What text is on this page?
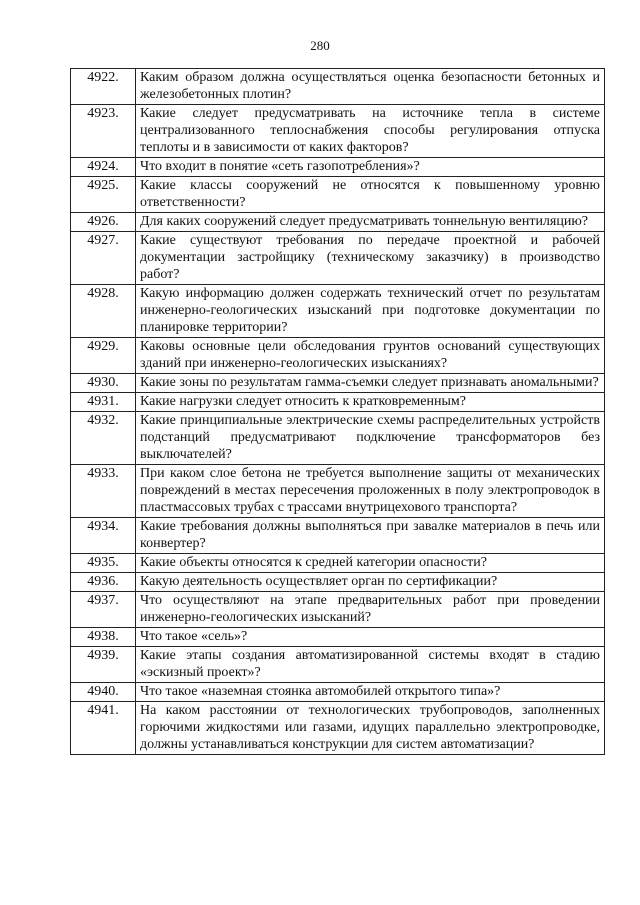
280
4922.	Каким образом должна осуществляться оценка безопасности бетонных и железобетонных плотин?
4923.	Какие следует предусматривать на источнике тепла в системе централизованного теплоснабжения способы регулирования отпуска теплоты и в зависимости от каких факторов?
4924.	Что входит в понятие «сеть газопотребления»?
4925.	Какие классы сооружений не относятся к повышенному уровню ответственности?
4926.	Для каких сооружений следует предусматривать тоннельную вентиляцию?
4927.	Какие существуют требования по передаче проектной и рабочей документации застройщику (техническому заказчику) в производство работ?
4928.	Какую информацию должен содержать технический отчет по результатам инженерно-геологических изысканий при подготовке документации по планировке территории?
4929.	Каковы основные цели обследования грунтов оснований существующих зданий при инженерно-геологических изысканиях?
4930.	Какие зоны по результатам гамма-съемки следует признавать аномальными?
4931.	Какие нагрузки следует относить к кратковременным?
4932.	Какие принципиальные электрические схемы распределительных устройств подстанций предусматривают подключение трансформаторов без выключателей?
4933.	При каком слое бетона не требуется выполнение защиты от механических повреждений в местах пересечения проложенных в полу электропроводок в пластмассовых трубах с трассами внутрицехового транспорта?
4934.	Какие требования должны выполняться при завалке материалов в печь или конвертер?
4935.	Какие объекты относятся к средней категории опасности?
4936.	Какую деятельность осуществляет орган по сертификации?
4937.	Что осуществляют на этапе предварительных работ при проведении инженерно-геологических изысканий?
4938.	Что такое «сель»?
4939.	Какие этапы создания автоматизированной системы входят в стадию «эскизный проект»?
4940.	Что такое «наземная стоянка автомобилей открытого типа»?
4941.	На каком расстоянии от технологических трубопроводов, заполненных горючими жидкостями или газами, идущих параллельно электропроводке, должны устанавливаться конструкции для систем автоматизации?
